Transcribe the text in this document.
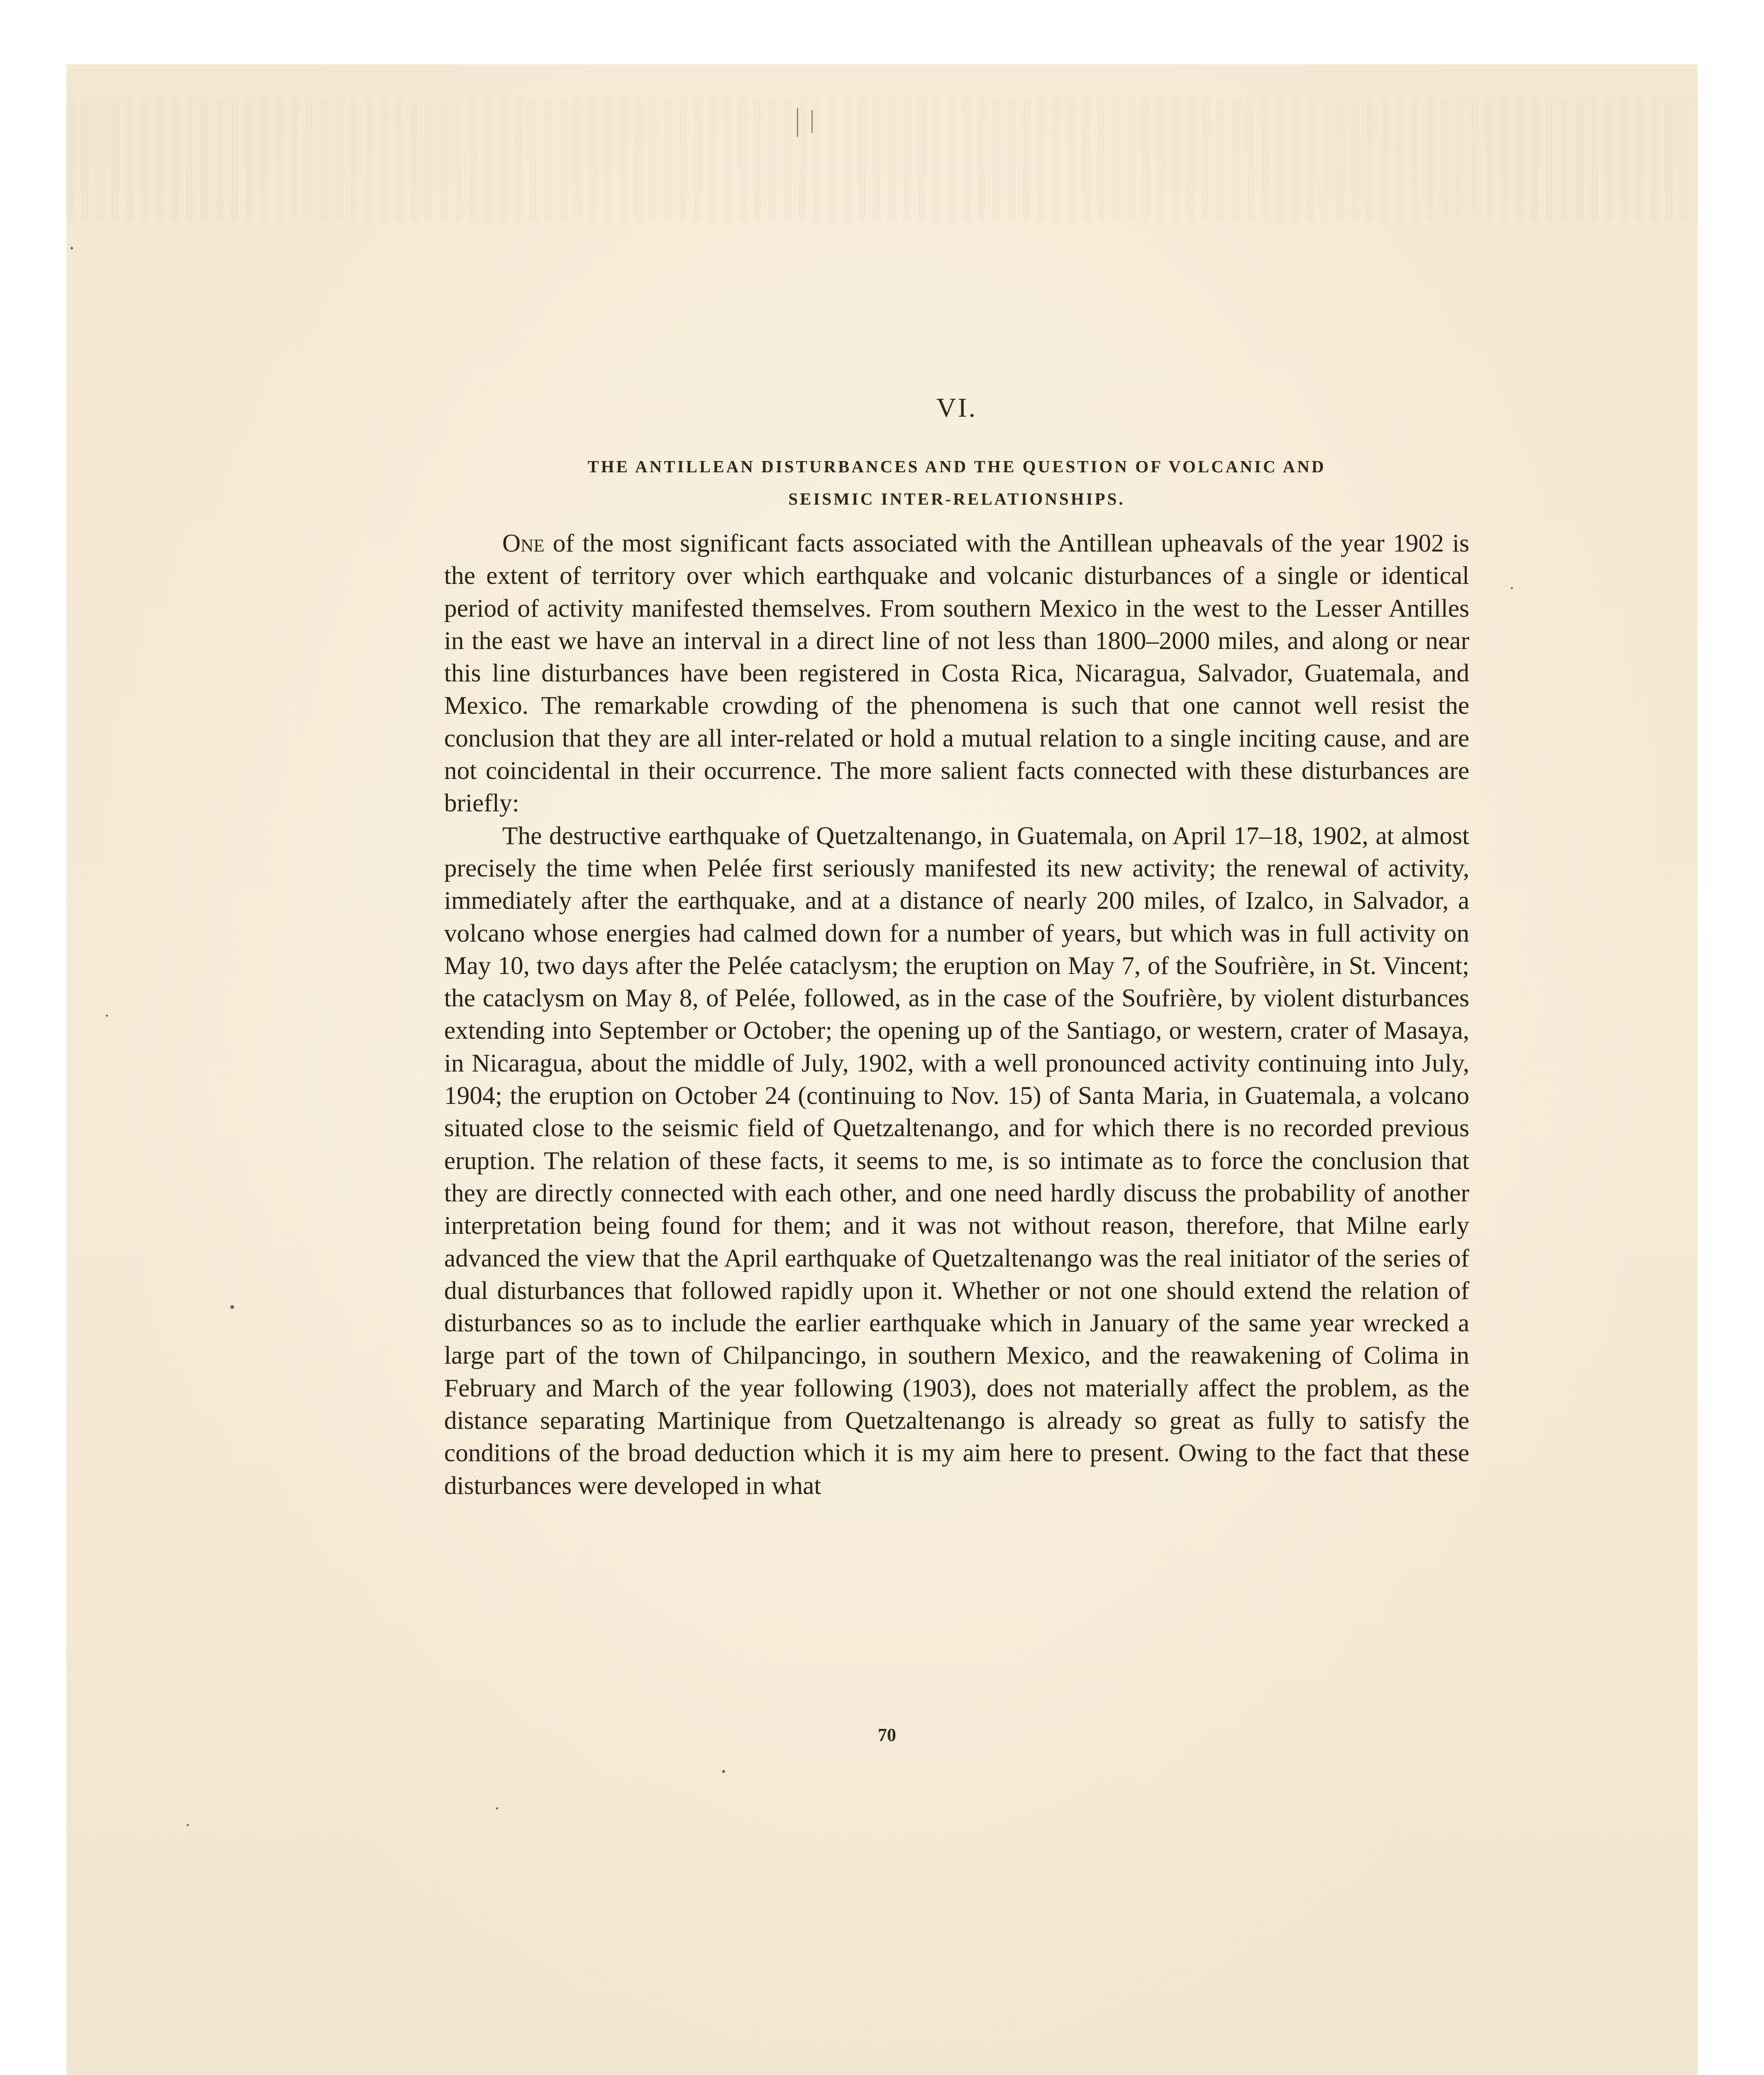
VI.
THE ANTILLEAN DISTURBANCES AND THE QUESTION OF VOLCANIC AND
SEISMIC INTER-RELATIONSHIPS.

One of the most significant facts associated with the Antillean upheavals of the year 1902 is the extent of territory over which earthquake and volcanic disturbances of a single or identical period of activity manifested themselves. From southern Mexico in the west to the Lesser Antilles in the east we have an interval in a direct line of not less than 1800–2000 miles, and along or near this line disturbances have been registered in Costa Rica, Nicaragua, Salvador, Guatemala, and Mexico. The remarkable crowding of the phenomena is such that one cannot well resist the conclusion that they are all inter-related or hold a mutual relation to a single inciting cause, and are not coincidental in their occurrence. The more salient facts connected with these disturbances are briefly:

The destructive earthquake of Quetzaltenango, in Guatemala, on April 17–18, 1902, at almost precisely the time when Pelée first seriously manifested its new activity; the renewal of activity, immediately after the earthquake, and at a distance of nearly 200 miles, of Izalco, in Salvador, a volcano whose energies had calmed down for a number of years, but which was in full activity on May 10, two days after the Pelée cataclysm; the eruption on May 7, of the Soufrière, in St. Vincent; the cataclysm on May 8, of Pelée, followed, as in the case of the Soufrière, by violent disturbances extending into September or October; the opening up of the Santiago, or western, crater of Masaya, in Nicaragua, about the middle of July, 1902, with a well pronounced activity continuing into July, 1904; the eruption on October 24 (continuing to Nov. 15) of Santa Maria, in Guatemala, a volcano situated close to the seismic field of Quetzaltenango, and for which there is no recorded previous eruption. The relation of these facts, it seems to me, is so intimate as to force the conclusion that they are directly connected with each other, and one need hardly discuss the probability of another interpretation being found for them; and it was not without reason, therefore, that Milne early advanced the view that the April earthquake of Quetzaltenango was the real initiator of the series of dual disturbances that followed rapidly upon it. Whether or not one should extend the relation of disturbances so as to include the earlier earthquake which in January of the same year wrecked a large part of the town of Chilpancingo, in southern Mexico, and the reawakening of Colima in February and March of the year following (1903), does not materially affect the problem, as the distance separating Martinique from Quetzaltenango is already so great as fully to satisfy the conditions of the broad deduction which it is my aim here to present. Owing to the fact that these disturbances were developed in what

70
